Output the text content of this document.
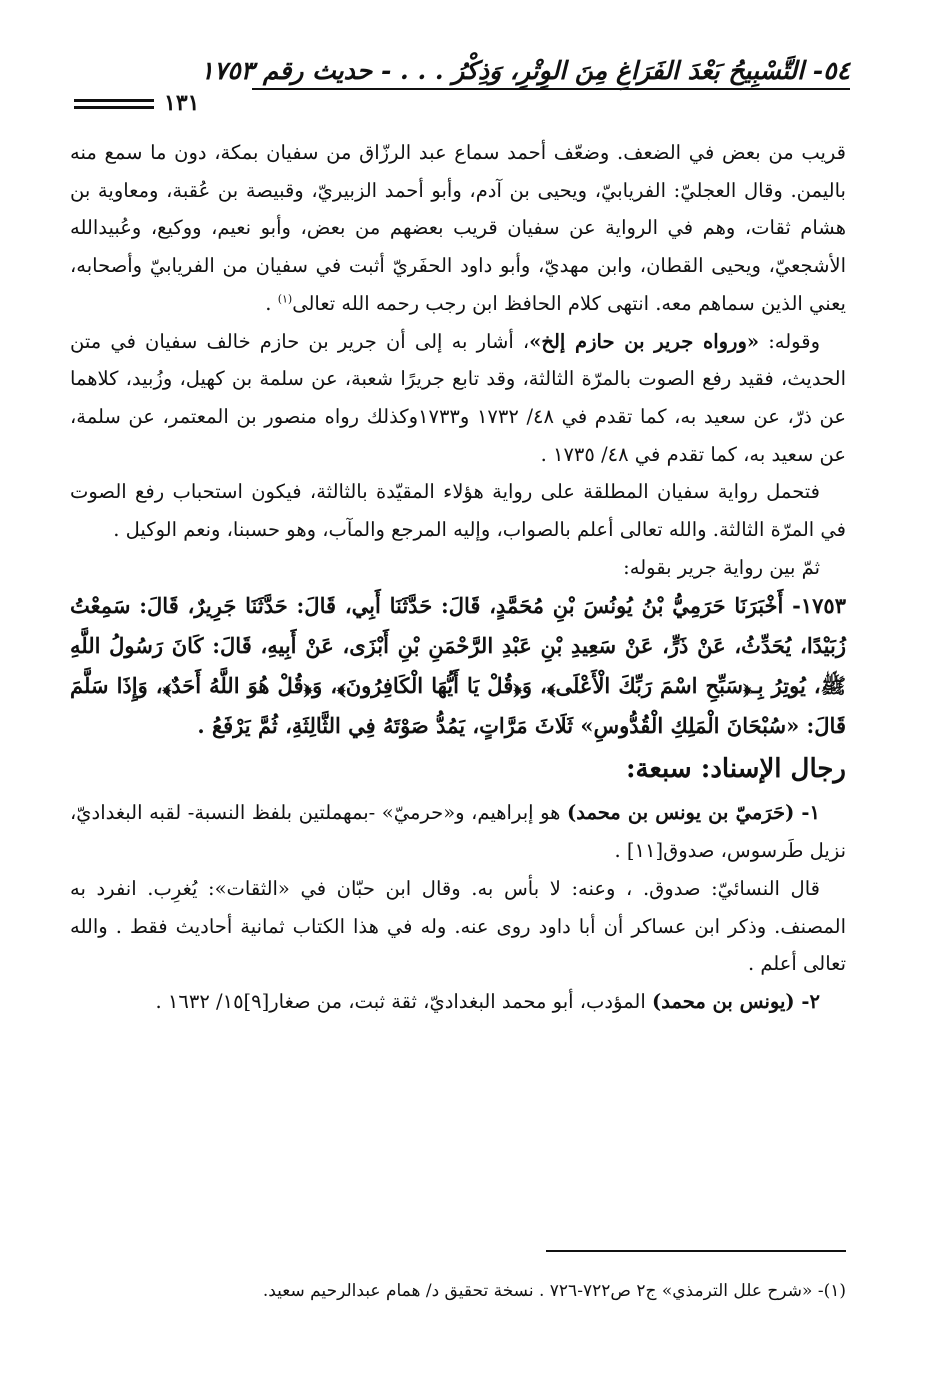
٥٤- التَّسْبِيحُ بَعْدَ الفَرَاغِ مِنَ الوِتْرِ، وَذِكْرُ . . . - حديث رقم ١٧٥٣
١٣١

قريب من بعض في الضعف. وضعّف أحمد سماع عبد الرزّاق من سفيان بمكة، دون ما سمع منه باليمن. وقال العجليّ: الفريابيّ، ويحيى بن آدم، وأبو أحمد الزبيريّ، وقبيصة بن عُقبة، ومعاوية بن هشام ثقات، وهم في الرواية عن سفيان قريب بعضهم من بعض، وأبو نعيم، ووكيع، وعُبيدالله الأشجعيّ، ويحيى القطان، وابن مهديّ، وأبو داود الحفَريّ أثبت في سفيان من الفريابيّ وأصحابه، يعني الذين سماهم معه. انتهى كلام الحافظ ابن رجب رحمه الله تعالى$^{(١)}$ .

وقوله: «ورواه جرير بن حازم إلخ»، أشار به إلى أن جرير بن حازم خالف سفيان في متن الحديث، فقيد رفع الصوت بالمرّة الثالثة، وقد تابع جريرًا شعبة، عن سلمة بن كهيل، وزُبيد، كلاهما عن ذرّ، عن سعيد به، كما تقدم في ٤٨/ ١٧٣٢ و١٧٣٣وكذلك رواه منصور بن المعتمر، عن سلمة، عن سعيد به، كما تقدم في ٤٨/ ١٧٣٥ .

فتحمل رواية سفيان المطلقة على رواية هؤلاء المقيّدة بالثالثة، فيكون استحباب رفع الصوت في المرّة الثالثة. والله تعالى أعلم بالصواب، وإليه المرجع والمآب، وهو حسبنا، ونعم الوكيل .

ثمّ بين رواية جرير بقوله:

١٧٥٣- أَخْبَرَنَا حَرَمِيُّ بْنُ يُونُسَ بْنِ مُحَمَّدٍ، قَالَ: حَدَّثَنَا أَبِي، قَالَ: حَدَّثَنَا جَرِيرٌ، قَالَ: سَمِعْتُ زُبَيْدًا، يُحَدِّثُ، عَنْ ذَرٍّ، عَنْ سَعِيدِ بْنِ عَبْدِ الرَّحْمَنِ بْنِ أَبْزَى، عَنْ أَبِيهِ، قَالَ: كَانَ رَسُولُ اللَّهِ ﷺ، يُوتِرُ بِـ﴿سَبِّحِ اسْمَ رَبِّكَ الْأَعْلَى﴾، وَ﴿قُلْ يَا أَيُّهَا الْكَافِرُونَ﴾، وَ﴿قُلْ هُوَ اللَّهُ أَحَدٌ﴾، وَإِذَا سَلَّمَ قَالَ: «سُبْحَانَ الْمَلِكِ الْقُدُّوسِ» ثَلَاثَ مَرَّاتٍ، يَمُدُّ صَوْتَهُ فِي الثَّالِثَةِ، ثُمَّ يَرْفَعُ .

رجال الإسناد: سبعة:

١- (حَرَميّ بن يونس بن محمد) هو إبراهيم، و«حرميّ» -بمهملتين بلفظ النسبة- لقبه البغداديّ، نزيل طَرسوس، صدوق[١١] .

قال النسائيّ: صدوق. ، وعنه: لا بأس به. وقال ابن حبّان في «الثقات»: يُغرِب. انفرد به المصنف. وذكر ابن عساكر أن أبا داود روى عنه. وله في هذا الكتاب ثمانية أحاديث فقط . والله تعالى أعلم .

٢- (يونس بن محمد) المؤدب، أبو محمد البغداديّ، ثقة ثبت، من صغار[٩]١٥/ ١٦٣٢ .

(١)- «شرح علل الترمذي» ج٢ ص٧٢٢-٧٢٦ . نسخة تحقيق د/ همام عبدالرحيم سعيد.
